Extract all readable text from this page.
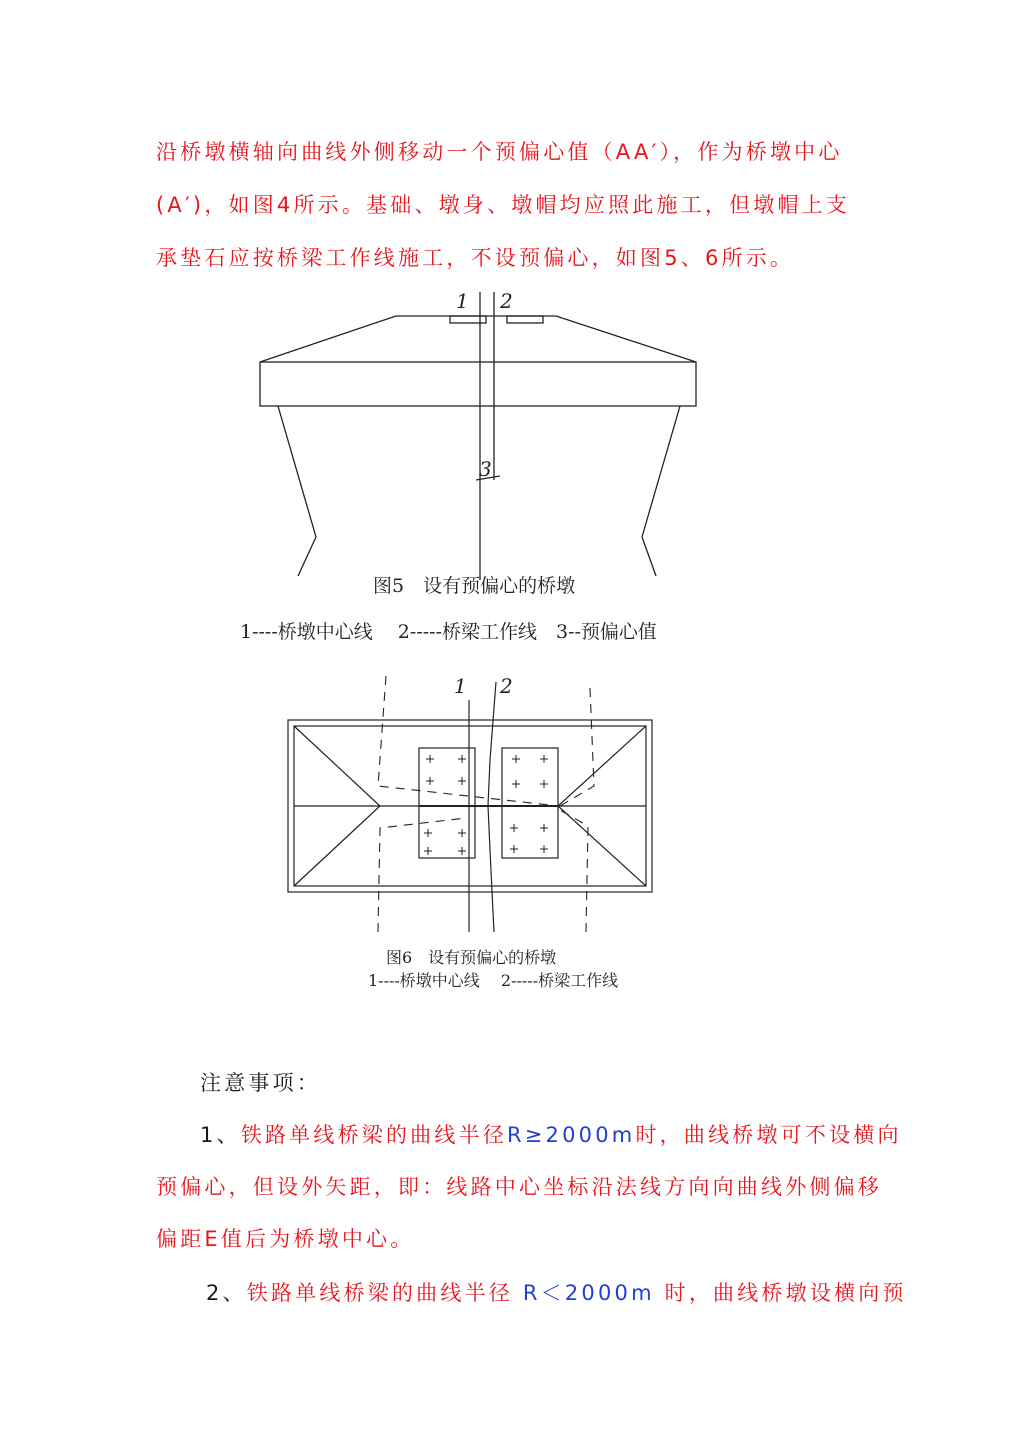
沿桥墩横轴向曲线外侧移动一个预偏心值（AA′），作为桥墩中心
(A′)，如图4所示。基础、墩身、墩帽均应照此施工，但墩帽上支
承垫石应按桥梁工作线施工，不设预偏心，如图5、6所示。
1 2
3
图5　设有预偏心的桥墩
1----桥墩中心线　 2-----桥梁工作线　3--预偏心值
1 2
图6　设有预偏心的桥墩
1----桥墩中心线　 2-----桥梁工作线
注意事项：
1、铁路单线桥梁的曲线半径R≥2000m时，曲线桥墩可不设横向
预偏心，但设外矢距，即：线路中心坐标沿法线方向向曲线外侧偏移
偏距E值后为桥墩中心。
2、铁路单线桥梁的曲线半径 R＜2000m 时，曲线桥墩设横向预
